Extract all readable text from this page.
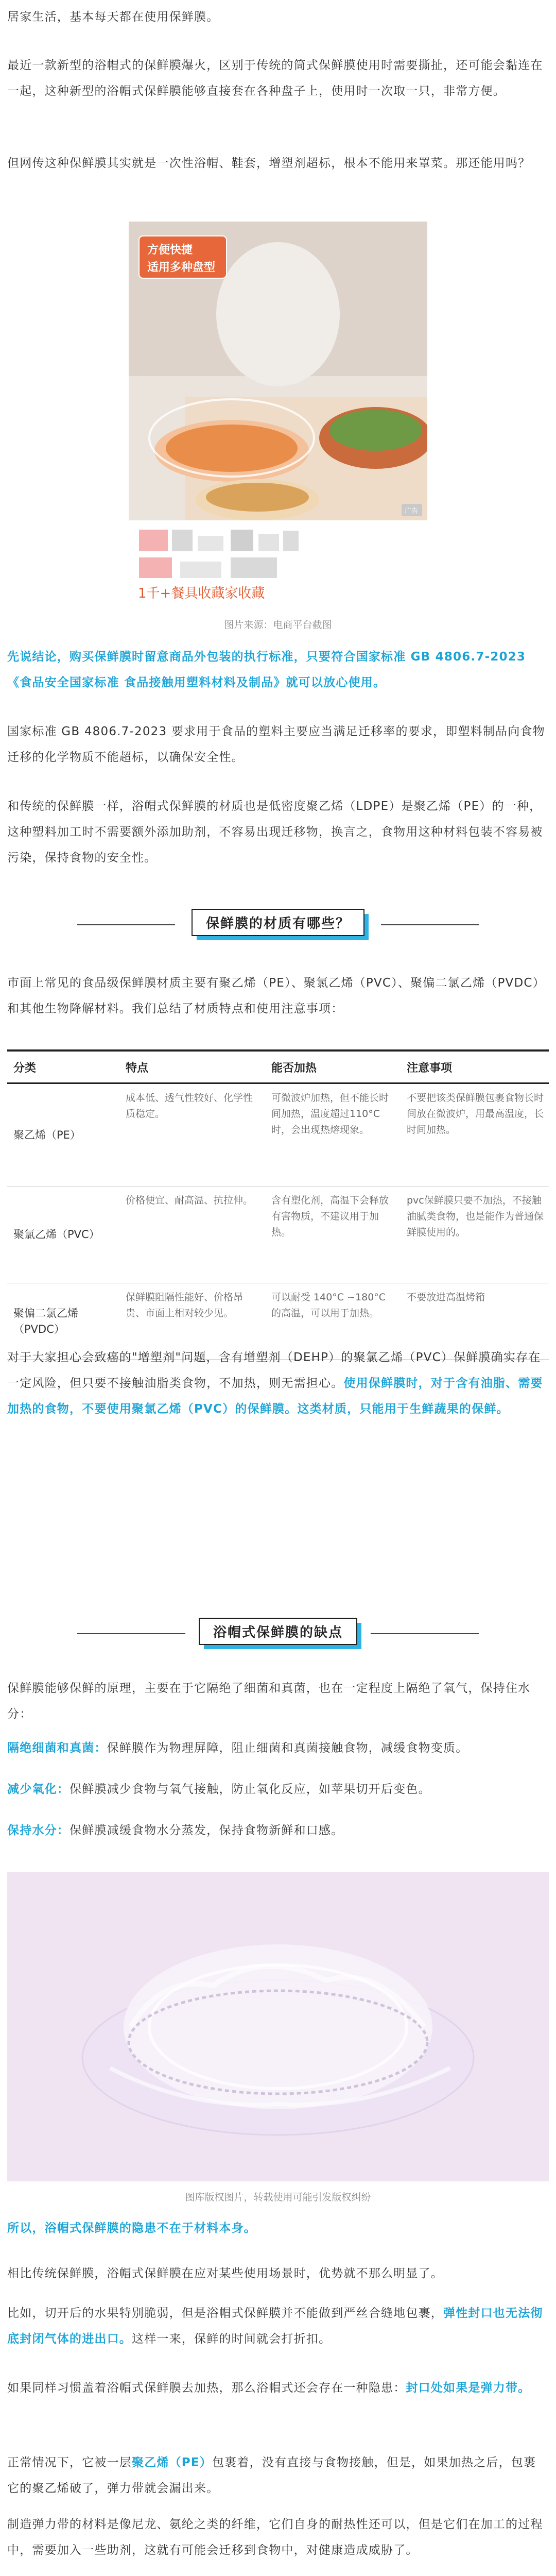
居家生活，基本每天都在使用保鲜膜。

最近一款新型的浴帽式的保鲜膜爆火，区别于传统的筒式保鲜膜使用时需要撕扯，还可能会黏连在一起，这种新型的浴帽式保鲜膜能够直接套在各种盘子上，使用时一次取一只，非常方便。

但网传这种保鲜膜其实就是一次性浴帽、鞋套，增塑剂超标，根本不能用来罩菜。那还能用吗？

方便快捷
适用多种盘型
广告
1千+餐具收藏家收藏
图片来源：电商平台截图

先说结论，购买保鲜膜时留意商品外包装的执行标准，只要符合国家标准 GB 4806.7-2023《食品安全国家标准 食品接触用塑料材料及制品》就可以放心使用。

国家标准 GB 4806.7-2023 要求用于食品的塑料主要应当满足迁移率的要求，即塑料制品向食物迁移的化学物质不能超标，以确保安全性。

和传统的保鲜膜一样，浴帽式保鲜膜的材质也是低密度聚乙烯（LDPE）是聚乙烯（PE）的一种，这种塑料加工时不需要额外添加助剂，不容易出现迁移物，换言之，食物用这种材料包装不容易被污染，保持食物的安全性。

保鲜膜的材质有哪些？

市面上常见的食品级保鲜膜材质主要有聚乙烯（PE）、聚氯乙烯（PVC）、聚偏二氯乙烯（PVDC）和其他生物降解材料。我们总结了材质特点和使用注意事项：

分类	特点	能否加热	注意事项
聚乙烯（PE）	成本低、透气性较好、化学性质稳定。	可微波炉加热，但不能长时间加热，温度超过110°C时，会出现热熔现象。	不要把该类保鲜膜包裹食物长时间放在微波炉，用最高温度，长时间加热。
聚氯乙烯（PVC）	价格便宜、耐高温、抗拉伸。	含有塑化剂，高温下会释放有害物质，不建议用于加热。	pvc保鲜膜只要不加热，不接触油腻类食物，也是能作为普通保鲜膜使用的。
聚偏二氯乙烯（PVDC）	保鲜膜阻隔性能好、价格昂贵、市面上相对较少见。	可以耐受 140°C ~180°C 的高温，可以用于加热。	不要放进高温烤箱

对于大家担心会致癌的"增塑剂"问题，含有增塑剂（DEHP）的聚氯乙烯（PVC）保鲜膜确实存在一定风险，但只要不接触油脂类食物，不加热，则无需担心。使用保鲜膜时，对于含有油脂、需要加热的食物，不要使用聚氯乙烯（PVC）的保鲜膜。这类材质，只能用于生鲜蔬果的保鲜。

浴帽式保鲜膜的缺点

保鲜膜能够保鲜的原理，主要在于它隔绝了细菌和真菌，也在一定程度上隔绝了氧气，保持住水分：

隔绝细菌和真菌：保鲜膜作为物理屏障，阻止细菌和真菌接触食物，减缓食物变质。

减少氧化：保鲜膜减少食物与氧气接触，防止氧化反应，如苹果切开后变色。

保持水分：保鲜膜减缓食物水分蒸发，保持食物新鲜和口感。

图库版权图片，转载使用可能引发版权纠纷

所以，浴帽式保鲜膜的隐患不在于材料本身。

相比传统保鲜膜，浴帽式保鲜膜在应对某些使用场景时，优势就不那么明显了。

比如，切开后的水果特别脆弱，但是浴帽式保鲜膜并不能做到严丝合缝地包裹，弹性封口也无法彻底封闭气体的进出口。这样一来，保鲜的时间就会打折扣。

如果同样习惯盖着浴帽式保鲜膜去加热，那么浴帽式还会存在一种隐患：封口处如果是弹力带。

正常情况下，它被一层聚乙烯（PE）包裹着，没有直接与食物接触，但是，如果加热之后，包裹它的聚乙烯破了，弹力带就会漏出来。

制造弹力带的材料是像尼龙、氨纶之类的纤维，它们自身的耐热性还可以，但是它们在加工的过程中，需要加入一些助剂，这就有可能会迁移到食物中，对健康造成威胁了。
